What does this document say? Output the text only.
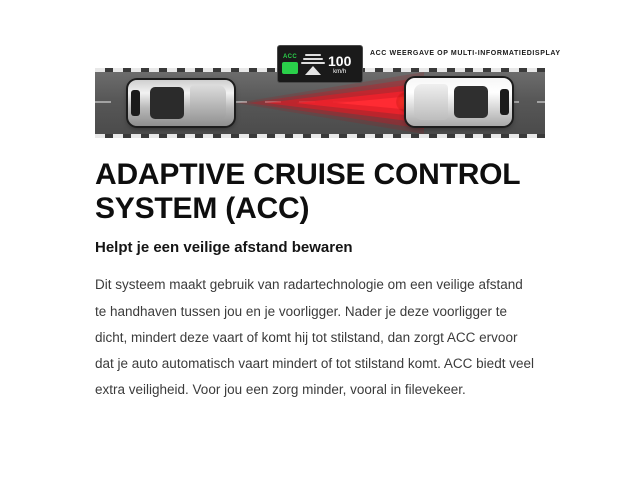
ACC 100
km/h
ACC WEERGAVE OP MULTI-INFORMATIEDISPLAY
ADAPTIVE CRUISE CONTROL SYSTEM (ACC)
Helpt je een veilige afstand bewaren

Dit systeem maakt gebruik van radartechnologie om een veilige afstand te handhaven tussen jou en je voorligger. Nader je deze voorligger te dicht, mindert deze vaart of komt hij tot stilstand, dan zorgt ACC ervoor dat je auto automatisch vaart mindert of tot stilstand komt. ACC biedt veel extra veiligheid. Voor jou een zorg minder, vooral in filevekeer.
